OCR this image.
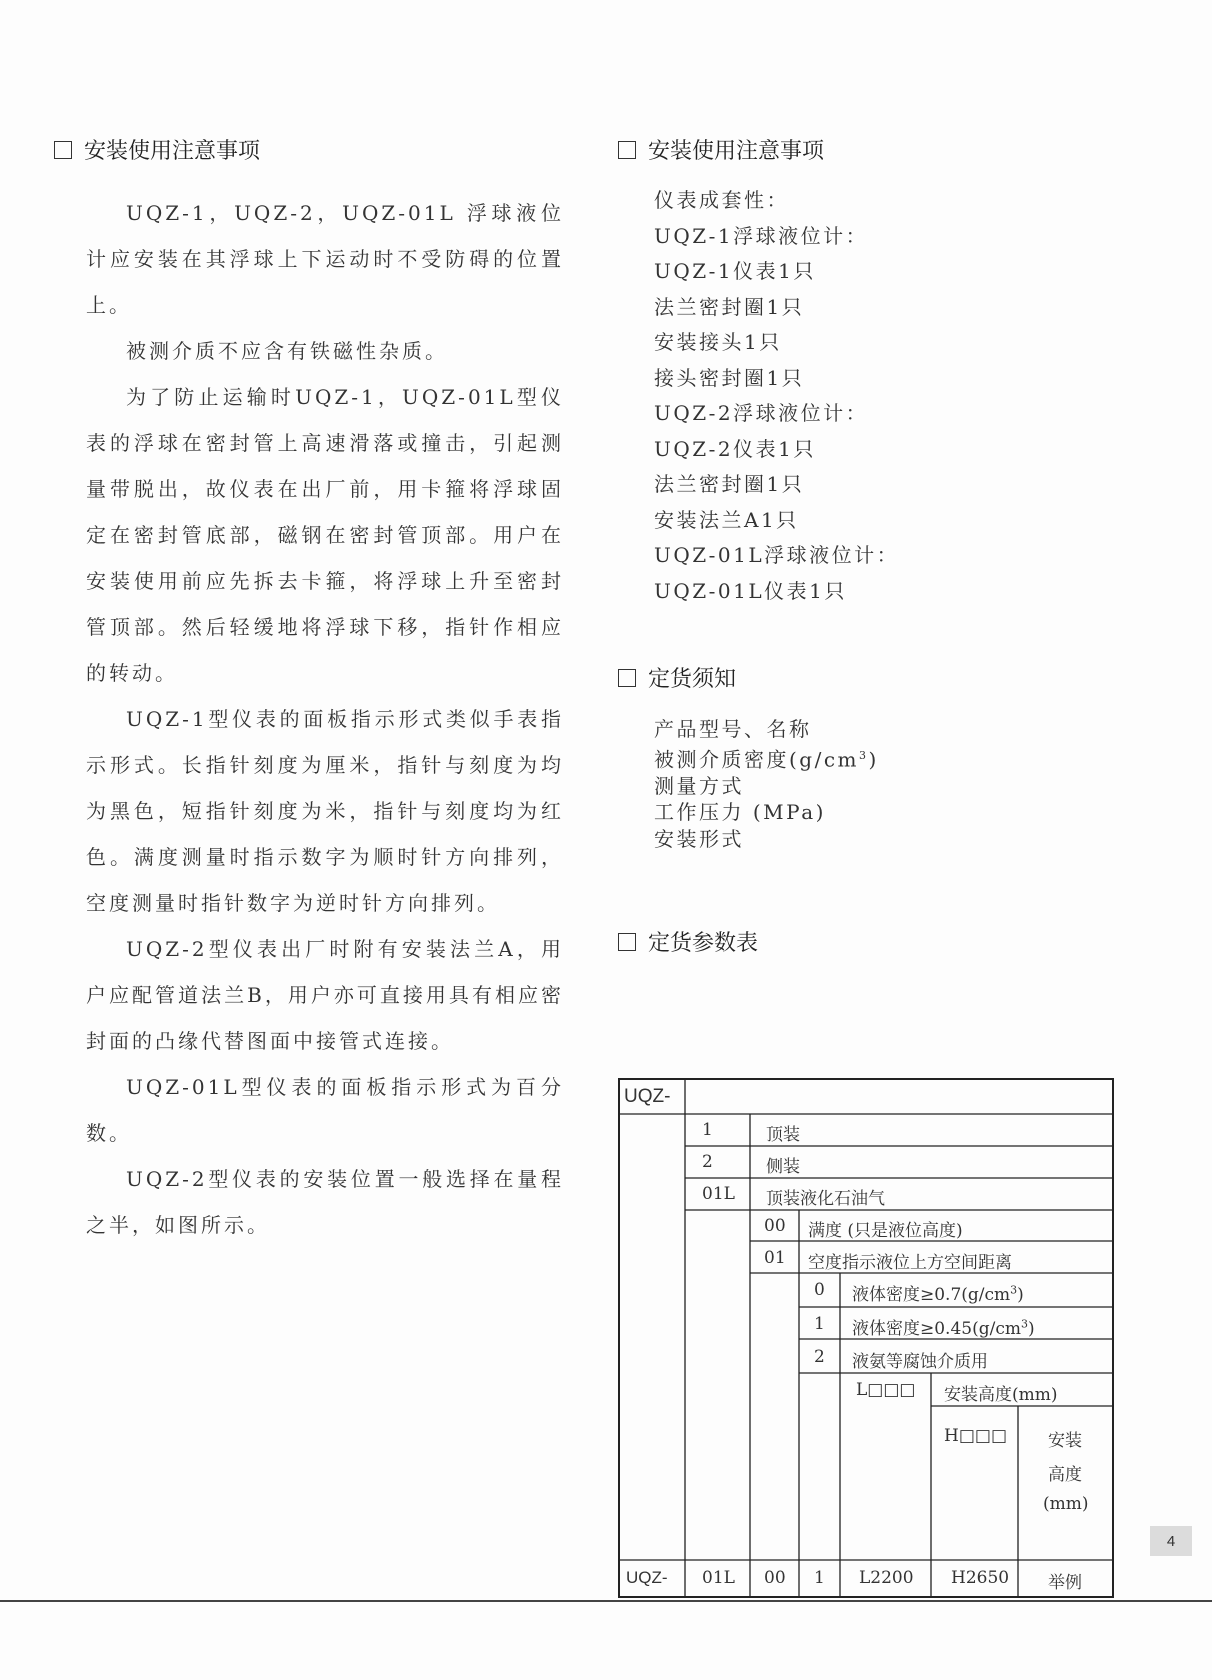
安装使用注意事项

UQZ-1，UQZ-2，UQZ-01L 浮球液位计应安装在其浮球上下运动时不受防碍的位置上。

被测介质不应含有铁磁性杂质。

为了防止运输时UQZ-1，UQZ-01L型仪表的浮球在密封管上高速滑落或撞击，引起测量带脱出，故仪表在出厂前，用卡箍将浮球固定在密封管底部，磁钢在密封管顶部。用户在安装使用前应先拆去卡箍，将浮球上升至密封管顶部。然后轻缓地将浮球下移，指针作相应的转动。

UQZ-1型仪表的面板指示形式类似手表指示形式。长指针刻度为厘米，指针与刻度为均为黑色，短指针刻度为米，指针与刻度均为红色。满度测量时指示数字为顺时针方向排列，空度测量时指针数字为逆时针方向排列。

UQZ-2型仪表出厂时附有安装法兰A，用户应配管道法兰B，用户亦可直接用具有相应密封面的凸缘代替图面中接管式连接。

UQZ-01L型仪表的面板指示形式为百分数。

UQZ-2型仪表的安装位置一般选择在量程之半，如图所示。

安装使用注意事项
仪表成套性：
UQZ-1浮球液位计：
UQZ-1仪表1只
法兰密封圈1只
安装接头1只
接头密封圈1只
UQZ-2浮球液位计：
UQZ-2仪表1只
法兰密封圈1只
安装法兰A1只
UQZ-01L浮球液位计：
UQZ-01L仪表1只
定货须知
产品型号、名称
被测介质密度$(g/cm^3)$
测量方式
工作压力 (MPa)
安装形式
定货参数表
UQZ-
1	顶装
2	侧装
01L 顶装液化石油气
00 满度 (只是液位高度)
01 空度指示液位上方空间距离
0 液体密度$\ge 0.7(g/cm^3)$
1 液体密度$\ge 0.45(g/cm^3)$
2 液氨等腐蚀介质用
L□□□ 安装高度(mm)
H□□□ 安装
高度
(mm)
UQZ- 01L 00 1 L2200 H2650 举例
4
